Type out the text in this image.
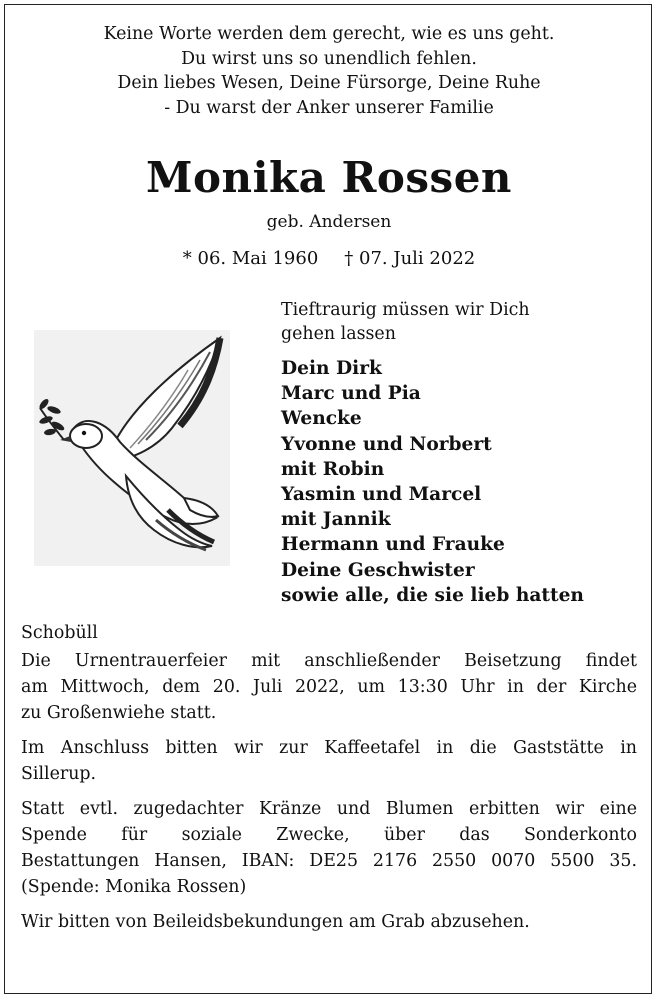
Keine Worte werden dem gerecht, wie es uns geht.
Du wirst uns so unendlich fehlen.
Dein liebes Wesen, Deine Fürsorge, Deine Ruhe
- Du warst der Anker unserer Familie
Monika Rossen
geb. Andersen
* 06. Mai 1960 † 07. Juli 2022
Tieftraurig müssen wir Dich
gehen lassen
Dein Dirk
Marc und Pia
Wencke
Yvonne und Norbert
mit Robin
Yasmin und Marcel
mit Jannik
Hermann und Frauke
Deine Geschwister
sowie alle, die sie lieb hatten

Schobüll

Die Urnentrauerfeier mit anschließender Beisetzung findet
am Mittwoch, dem 20. Juli 2022, um 13:30 Uhr in der Kirche
zu Großenwiehe statt.

Im Anschluss bitten wir zur Kaffeetafel in die Gaststätte in
Sillerup.

Statt evtl. zugedachter Kränze und Blumen erbitten wir eine
Spende für soziale Zwecke, über das Sonderkonto
Bestattungen Hansen, IBAN: DE25 2176 2550 0070 5500 35.
(Spende: Monika Rossen)

Wir bitten von Beileidsbekundungen am Grab abzusehen.
